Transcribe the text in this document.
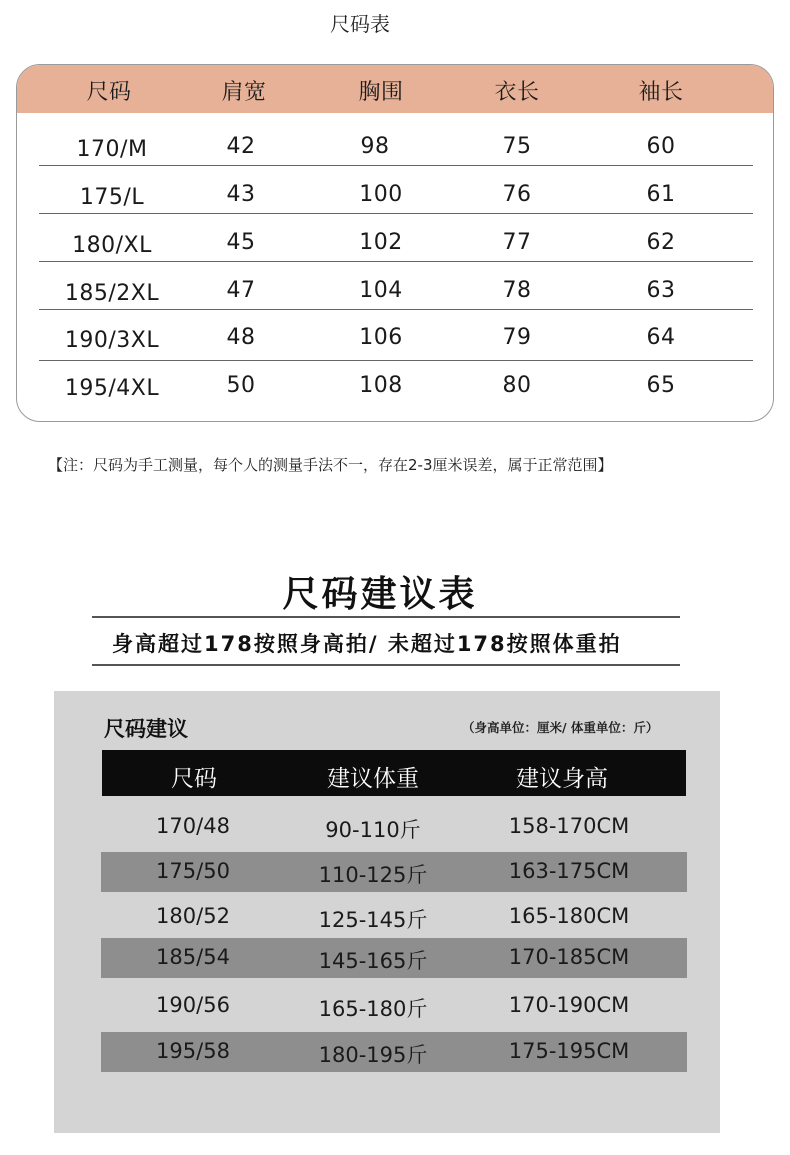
尺码表
尺码	肩宽	胸围	衣长	袖长
170/M	42	98	75	60
175/L	43	100	76	61
180/XL	45	102	77	62
185/2XL	47	104	78	63
190/3XL	48	106	79	64
195/4XL	50	108	80	65
【注：尺码为手工测量，每个人的测量手法不一，存在2-3厘米误差，属于正常范围】
尺码建议表
身高超过178按照身高拍/ 未超过178按照体重拍
尺码建议	（身高单位：厘米/ 体重单位：斤）
尺码	建议体重	建议身高
170/48	90-110斤	158-170CM
175/50	110-125斤	163-175CM
180/52	125-145斤	165-180CM
185/54	145-165斤	170-185CM
190/56	165-180斤	170-190CM
195/58	180-195斤	175-195CM
